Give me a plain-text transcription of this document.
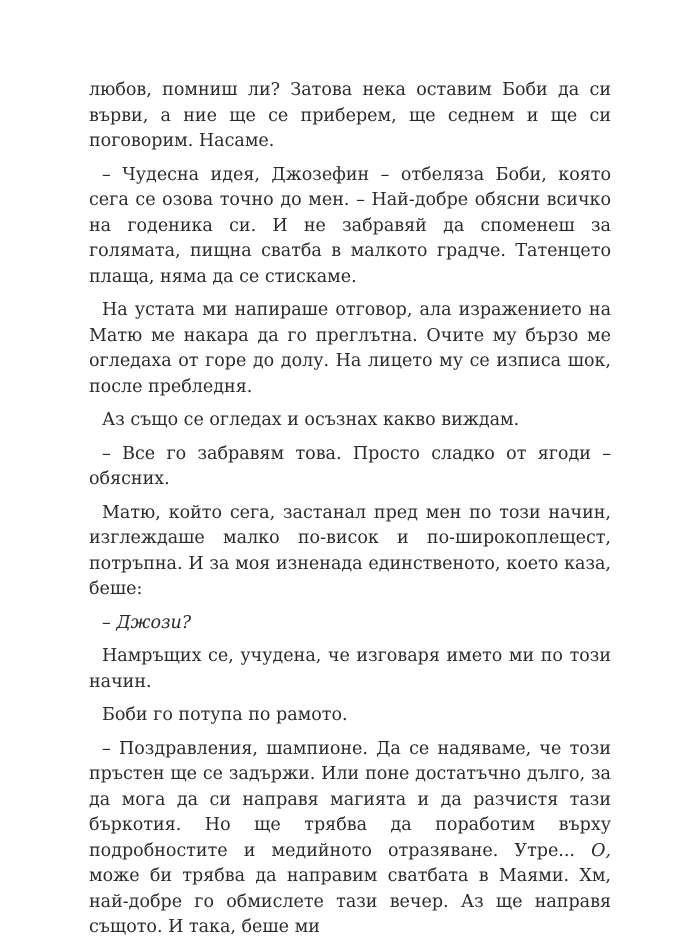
любов, помниш ли? Затова нека оставим Боби да си върви, а ние ще се приберем, ще седнем и ще си поговорим. Насаме.

– Чудесна идея, Джозефин – отбеляза Боби, която сега се озова точно до мен. – Най-добре обясни всичко на годеника си. И не забравяй да споменеш за голямата, пищна сватба в малкото градче. Татенцето плаща, няма да се стискаме.

На устата ми напираше отговор, ала изражението на Матю ме накара да го преглътна. Очите му бързо ме огледаха от горе до долу. На лицето му се изписа шок, после пребледня.

Аз също се огледах и осъзнах какво виждам.

– Все го забравям това. Просто сладко от ягоди – обясних.

Матю, който сега, застанал пред мен по този начин, изглеждаше малко по-висок и по-широкоплещест, потръпна. И за моя изненада единственото, което каза, беше:

– Джози?

Намръщих се, учудена, че изговаря името ми по този начин.

Боби го потупа по рамото.

– Поздравления, шампионе. Да се надяваме, че този пръстен ще се задържи. Или поне достатъчно дълго, за да мога да си направя магията и да разчистя тази бъркотия. Но ще трябва да поработим върху подробностите и медийното отразяване. Утре... О, може би трябва да направим сватбата в Маями. Хм, най-добре го обмислете тази вечер. Аз ще направя същото. И така, беше ми
